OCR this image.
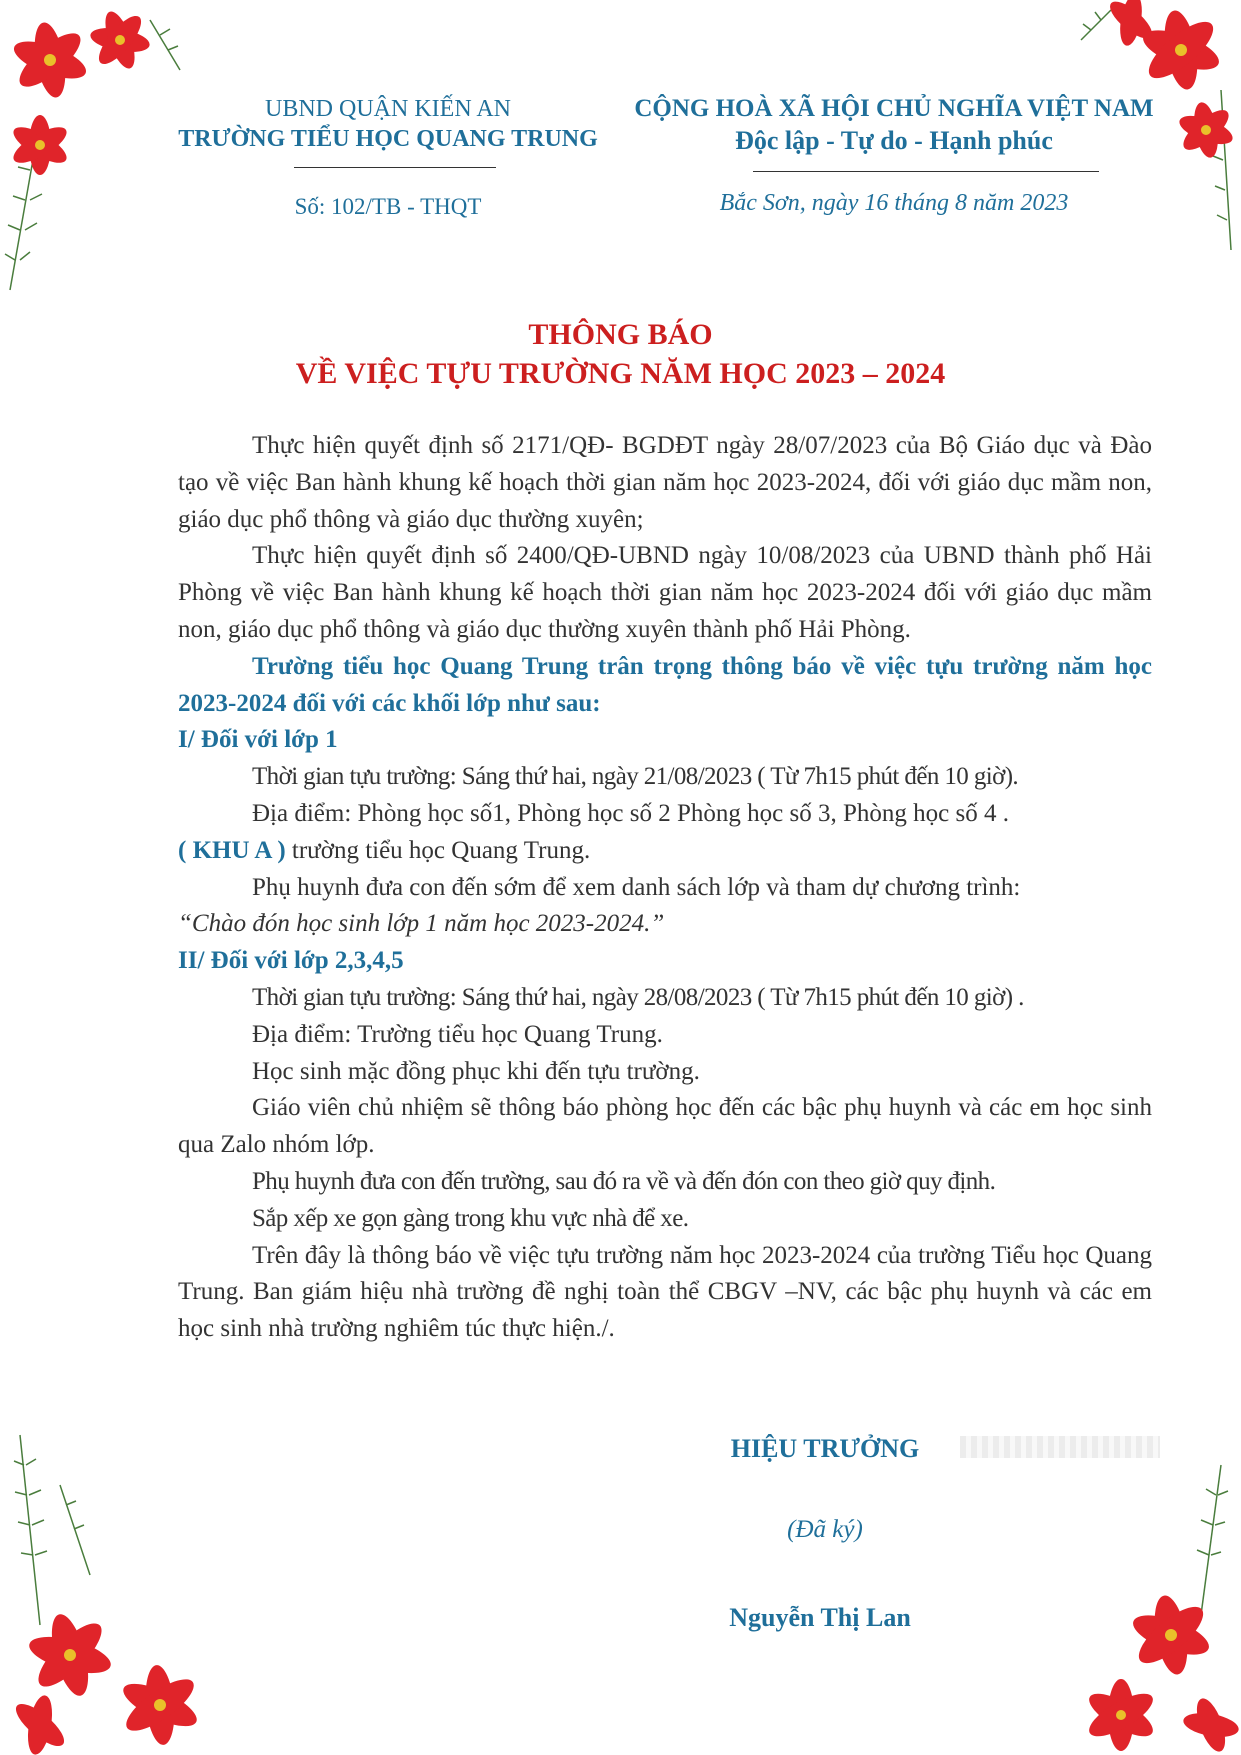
UBND QUẬN KIẾN AN
TRƯỜNG TIỂU HỌC QUANG TRUNG
Số: 102/TB - THQT
CỘNG HOÀ XÃ HỘI CHỦ NGHĨA VIỆT NAM
Độc lập - Tự do - Hạnh phúc
Bắc Sơn, ngày 16 tháng 8 năm 2023
THÔNG BÁO
VỀ VIỆC TỰU TRƯỜNG NĂM HỌC 2023 – 2024

Thực hiện quyết định số 2171/QĐ- BGDĐT ngày 28/07/2023 của Bộ Giáo dục và Đào tạo về việc Ban hành khung kế hoạch thời gian năm học 2023-2024, đối với giáo dục mầm non, giáo dục phổ thông và giáo dục thường xuyên;

Thực hiện quyết định số 2400/QĐ-UBND ngày 10/08/2023 của UBND thành phố Hải Phòng về việc Ban hành khung kế hoạch thời gian năm học 2023-2024 đối với giáo dục mầm non, giáo dục phổ thông và giáo dục thường xuyên thành phố Hải Phòng.

Trường tiểu học Quang Trung trân trọng thông báo về việc tựu trường năm học 2023-2024 đối với các khối lớp như sau:

I/ Đối với lớp 1

Thời gian tựu trường: Sáng thứ hai, ngày 21/08/2023 ( Từ 7h15 phút đến 10 giờ).

Địa điểm: Phòng học số1, Phòng học số 2 Phòng học số 3, Phòng học số 4 .

( KHU A ) trường tiểu học Quang Trung.

Phụ huynh đưa con đến sớm để xem danh sách lớp và tham dự chương trình:

“Chào đón học sinh lớp 1 năm học 2023-2024.”

II/ Đối với lớp 2,3,4,5

Thời gian tựu trường: Sáng thứ hai, ngày 28/08/2023 ( Từ 7h15 phút đến 10 giờ) .

Địa điểm: Trường tiểu học Quang Trung.

Học sinh mặc đồng phục khi đến tựu trường.

Giáo viên chủ nhiệm sẽ thông báo phòng học đến các bậc phụ huynh và các em học sinh qua Zalo nhóm lớp.

Phụ huynh đưa con đến trường, sau đó ra về và đến đón con theo giờ quy định.

Sắp xếp xe gọn gàng trong khu vực nhà để xe.

Trên đây là thông báo về việc tựu trường năm học 2023-2024 của trường Tiểu học Quang Trung. Ban giám hiệu nhà trường đề nghị toàn thể CBGV –NV, các bậc phụ huynh và các em học sinh nhà trường nghiêm túc thực hiện./.

HIỆU TRƯỞNG
(Đã ký)
Nguyễn Thị Lan
